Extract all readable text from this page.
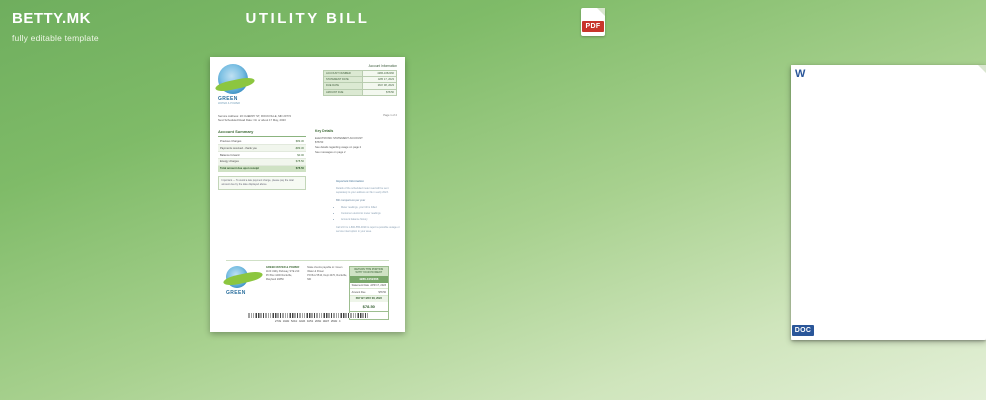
BETTY.MK
fully editable template
UTILITY BILL	PDF
W
DOC
GREEN
WATER & POWER
Account Information
ACCOUNT NUMBER	4286-1052266
STATEMENT DATE	APR 17, 2023
DUE DATE	MAY 08, 2023
AMOUNT DUE	$78.50
Page 1 of 2
Service Address: 20 CHERRY ST, ROCKVILLE, MD 20772
Next Scheduled Read Date: On or about 17 May, 2023
Account Summary
Previous Charges	$89.30
Payments received - thank you	-$89.30
Balance forward	$0.00
Energy charges	$78.50
Total amount due upon receipt	$78.50
Important — To avoid a late payment charge, please pay the total amount due by the date displayed above.
Key Details
ELECTRONIC STATEMENT ACCOUNT
$78.50
See details regarding usage on page 2
See messages on page 2
Important Information
Details of the scheduled meter read will be sent separately to your address on file in early 2023.
Bill comparison per year
• Meter readings, your bill is billed
• Customer electronic meter readings
• Account balance history
Call 24 hrs 1-800-555-0199 to report a possible outage or service interruption in your area.
GREEN
GREEN WATER & POWER
1100 Utility Parkway, STE 210
PO Box 4400 Rockville,
Maryland 20850
Make checks payable to: Green Water & Power
PO Box 5510, Dept 4470, Rockville, MD
RETURN THIS PORTION WITH YOUR PAYMENT
4286-1052266
Statement Date APR 17, 2023
Amount Due	$78.50
PAY BY MAY 08, 2023
$78.50
2738 0100 5210 4286 1052 2660 0007 8500 4
